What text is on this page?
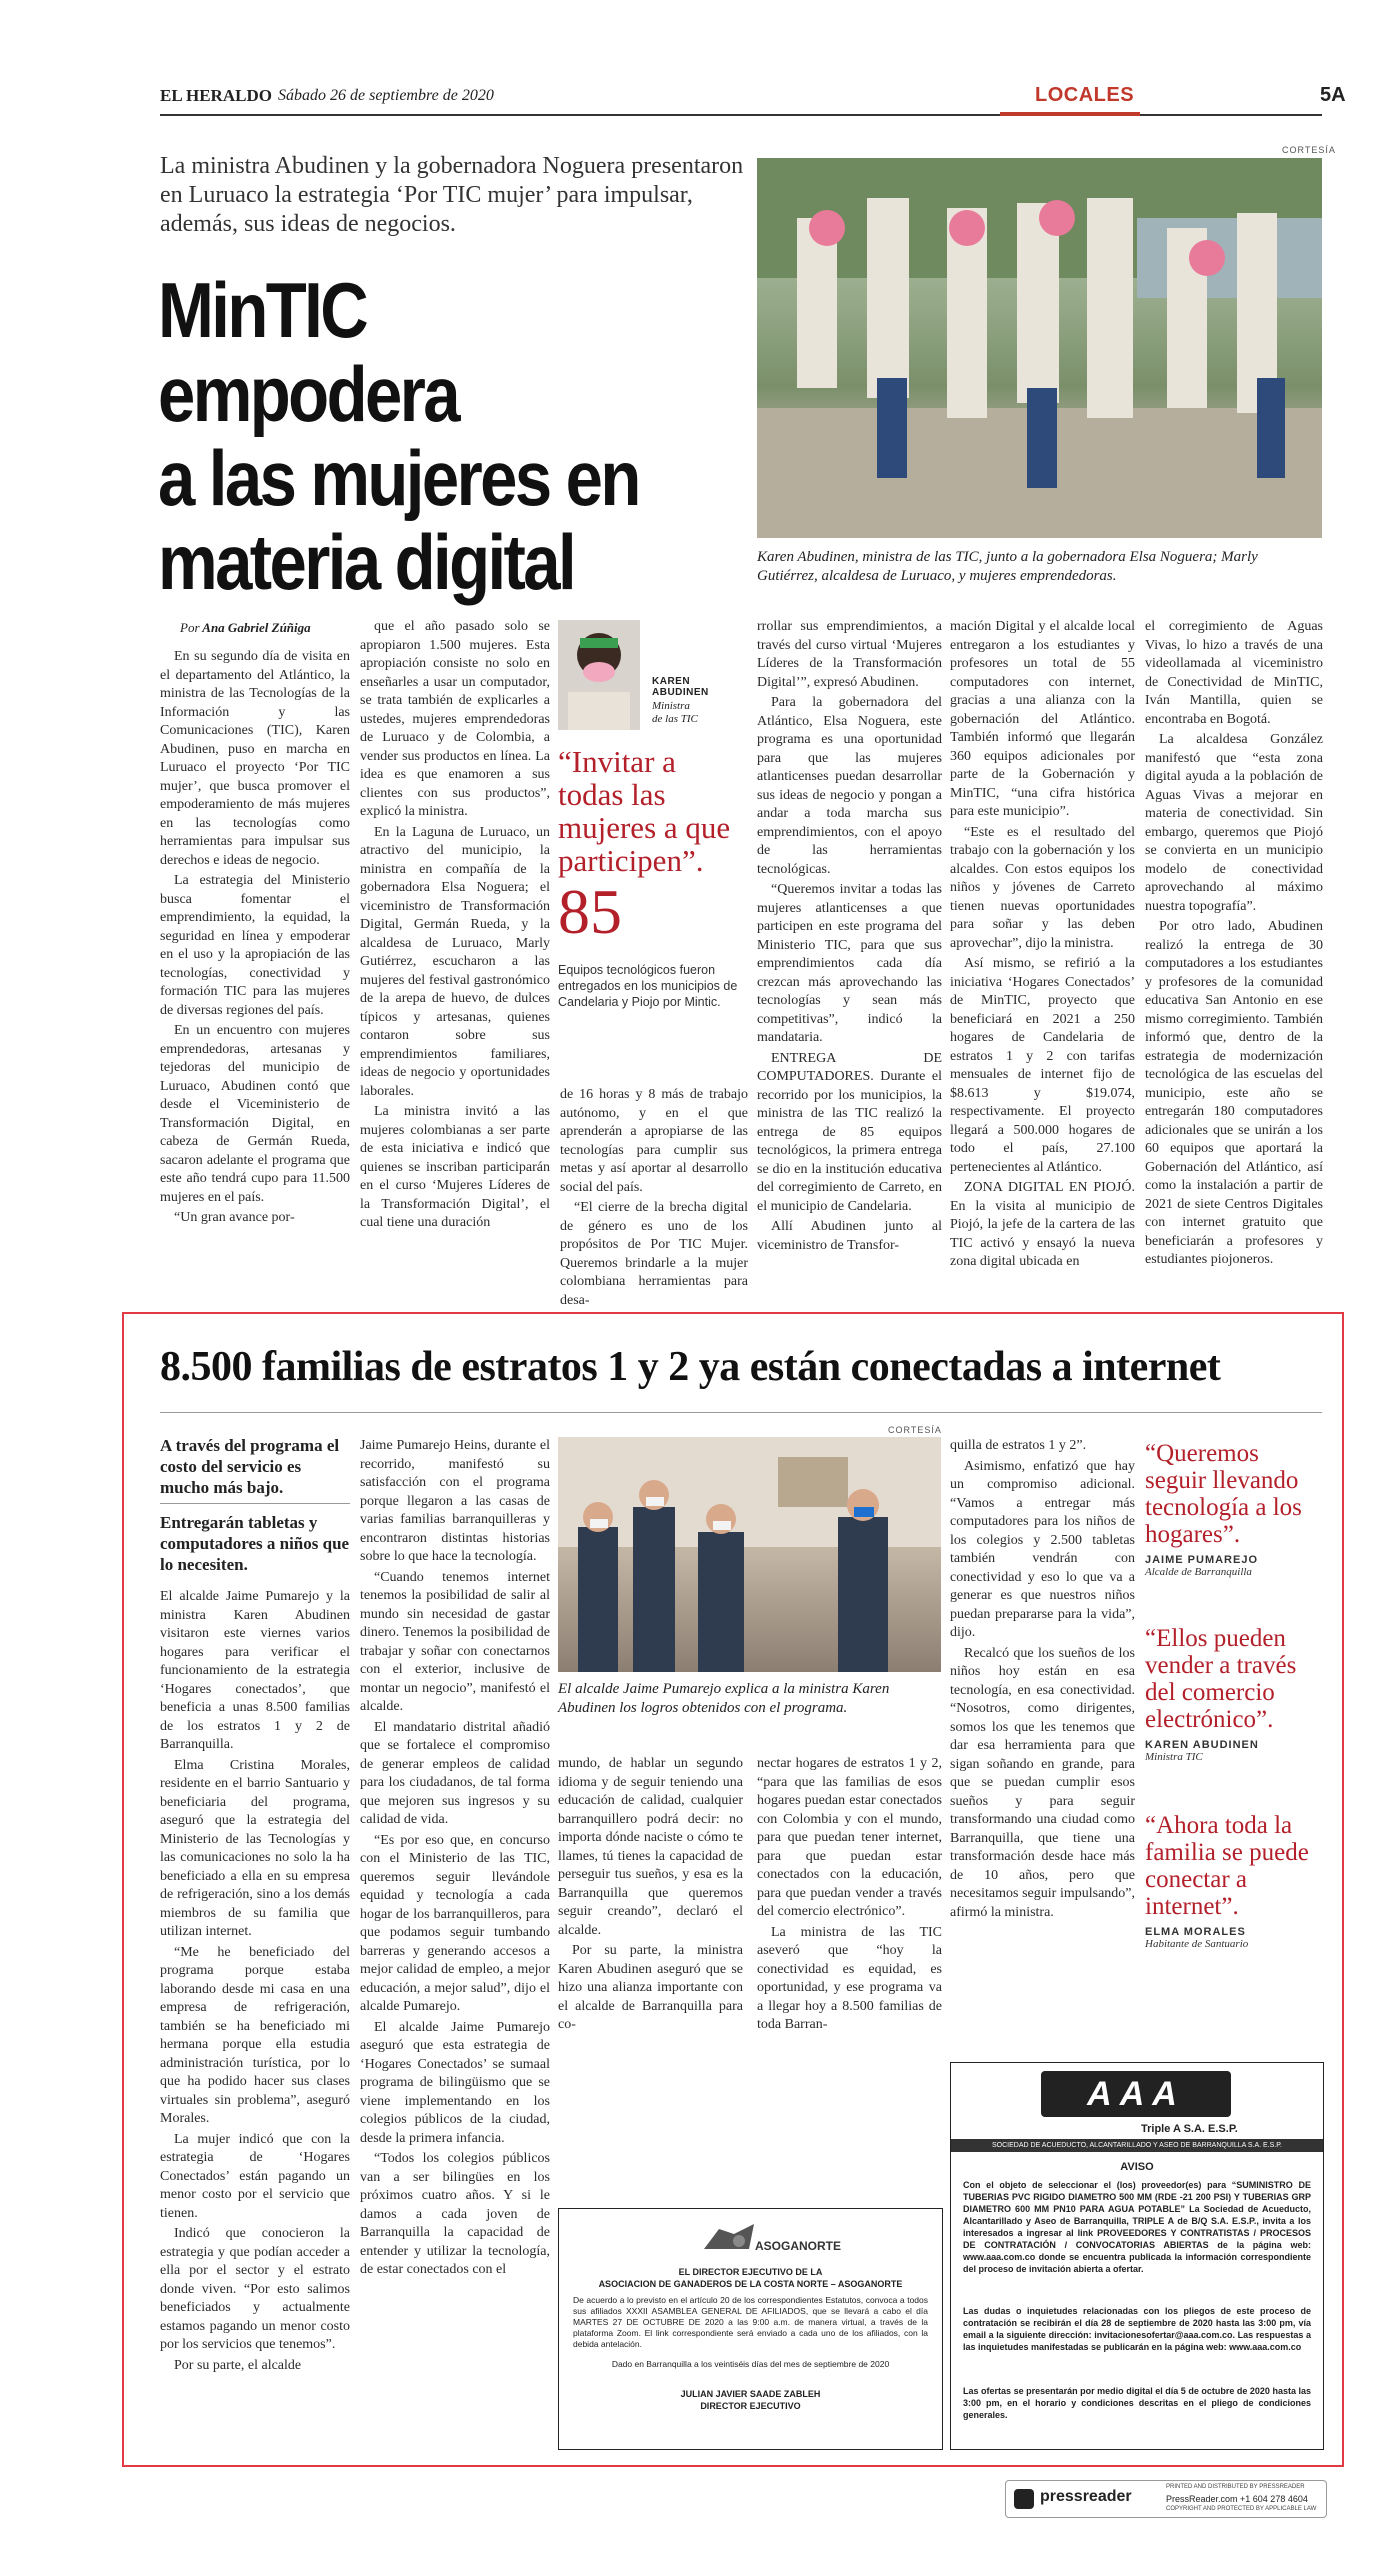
EL HERALDO Sábado 26 de septiembre de 2020	LOCALES	5A
La ministra Abudinen y la gobernadora Noguera presentaron en Luruaco la estrategia ‘Por TIC mujer’ para impulsar, además, sus ideas de negocios.
MinTIC empodera
a las mujeres en
materia digital
CORTESÍA
Karen Abudinen, ministra de las TIC, junto a la gobernadora Elsa Noguera; Marly Gutiérrez, alcaldesa de Luruaco, y mujeres emprendedoras.
Por Ana Gabriel Zúñiga

En su segundo día de visita en el departamento del Atlántico, la ministra de las Tecnologías de la Información y las Comunicaciones (TIC), Karen Abudinen, puso en marcha en Luruaco el proyecto ‘Por TIC mujer’, que busca promover el empoderamiento de más mujeres en las tecnologías como herramientas para impulsar sus derechos e ideas de negocio.

La estrategia del Ministerio busca fomentar el emprendimiento, la equidad, la seguridad en línea y empoderar en el uso y la apropiación de las tecnologías, conectividad y formación TIC para las mujeres de diversas regiones del país.

En un encuentro con mujeres emprendedoras, artesanas y tejedoras del municipio de Luruaco, Abudinen contó que desde el Viceministerio de Transformación Digital, en cabeza de Germán Rueda, sacaron adelante el programa que este año tendrá cupo para 11.500 mujeres en el país.

“Un gran avance por-

que el año pasado solo se apropiaron 1.500 mujeres. Esta apropiación consiste no solo en enseñarles a usar un computador, se trata también de explicarles a ustedes, mujeres emprendedoras de Luruaco y de Colombia, a vender sus productos en línea. La idea es que enamoren a sus clientes con sus productos”, explicó la ministra.

En la Laguna de Luruaco, un atractivo del municipio, la ministra en compañía de la gobernadora Elsa Noguera; el viceministro de Transformación Digital, Germán Rueda, y la alcaldesa de Luruaco, Marly Gutiérrez, escucharon a las mujeres del festival gastronómico de la arepa de huevo, de dulces típicos y artesanas, quienes contaron sobre sus emprendimientos familiares, ideas de negocio y oportunidades laborales.

La ministra invitó a las mujeres colombianas a ser parte de esta iniciativa e indicó que quienes se inscriban participarán en el curso ‘Mujeres Líderes de la Transformación Digital’, el cual tiene una duración

KAREN ABUDINEN
Ministra
de las TIC
“Invitar a todas las mujeres a que participen”.
85
Equipos tecnológicos fueron entregados en los municipios de Candelaria y Piojo por Mintic.

de 16 horas y 8 más de trabajo autónomo, y en el que aprenderán a apropiarse de las tecnologías para cumplir sus metas y así aportar al desarrollo social del país.

“El cierre de la brecha digital de género es uno de los propósitos de Por TIC Mujer. Queremos brindarle a la mujer colombiana herramientas para desa-

rrollar sus emprendimientos, a través del curso virtual ‘Mujeres Líderes de la Transformación Digital’”, expresó Abudinen.

Para la gobernadora del Atlántico, Elsa Noguera, este programa es una oportunidad para que las mujeres atlanticenses puedan desarrollar sus ideas de negocio y pongan a andar a toda marcha sus emprendimientos, con el apoyo de las herramientas tecnológicas.

“Queremos invitar a todas las mujeres atlanticenses a que participen en este programa del Ministerio TIC, para que sus emprendimientos cada día crezcan más aprovechando las tecnologías y sean más competitivas”, indicó la mandataria.

ENTREGA DE COMPUTADORES. Durante el recorrido por los municipios, la ministra de las TIC realizó la entrega de 85 equipos tecnológicos, la primera entrega se dio en la institución educativa del corregimiento de Carreto, en el municipio de Candelaria.

Allí Abudinen junto al viceministro de Transfor-

mación Digital y el alcalde local entregaron a los estudiantes y profesores un total de 55 computadores con internet, gracias a una alianza con la gobernación del Atlántico. También informó que llegarán 360 equipos adicionales por parte de la Gobernación y MinTIC, “una cifra histórica para este municipio”.

“Este es el resultado del trabajo con la gobernación y los alcaldes. Con estos equipos los niños y jóvenes de Carreto tienen nuevas oportunidades para soñar y las deben aprovechar”, dijo la ministra.

Así mismo, se refirió a la iniciativa ‘Hogares Conectados’ de MinTIC, proyecto que beneficiará en 2021 a 250 hogares de Candelaria de estratos 1 y 2 con tarifas mensuales de internet fijo de $8.613 y $19.074, respectivamente. El proyecto llegará a 500.000 hogares de todo el país, 27.100 pertenecientes al Atlántico.

ZONA DIGITAL EN PIOJÓ. En la visita al municipio de Piojó, la jefe de la cartera de las TIC activó y ensayó la nueva zona digital ubicada en

el corregimiento de Aguas Vivas, lo hizo a través de una videollamada al viceministro de Conectividad de MinTIC, Iván Mantilla, quien se encontraba en Bogotá.

La alcaldesa González manifestó que “esta zona digital ayuda a la población de Aguas Vivas a mejorar en materia de conectividad. Sin embargo, queremos que Piojó se convierta en un municipio modelo de conectividad aprovechando al máximo nuestra topografía”.

Por otro lado, Abudinen realizó la entrega de 30 computadores a los estudiantes y profesores de la comunidad educativa San Antonio en ese mismo corregimiento. También informó que, dentro de la estrategia de modernización tecnológica de las escuelas del municipio, este año se entregarán 180 computadores adicionales que se unirán a los 60 equipos que aportará la Gobernación del Atlántico, así como la instalación a partir de 2021 de siete Centros Digitales con internet gratuito que beneficiarán a profesores y estudiantes piojoneros.

8.500 familias de estratos 1 y 2 ya están conectadas a internet
A través del programa el costo del servicio es mucho más bajo.
Entregarán tabletas y computadores a niños que lo necesiten.

El alcalde Jaime Pumarejo y la ministra Karen Abudinen visitaron este viernes varios hogares para verificar el funcionamiento de la estrategia ‘Hogares conectados’, que beneficia a unas 8.500 familias de los estratos 1 y 2 de Barranquilla.

Elma Cristina Morales, residente en el barrio Santuario y beneficiaria del programa, aseguró que la estrategia del Ministerio de las Tecnologías y las comunicaciones no solo la ha beneficiado a ella en su empresa de refrigeración, sino a los demás miembros de su familia que utilizan internet.

“Me he beneficiado del programa porque estaba laborando desde mi casa en una empresa de refrigeración, también se ha beneficiado mi hermana porque ella estudia administración turística, por lo que ha podido hacer sus clases virtuales sin problema”, aseguró Morales.

La mujer indicó que con la estrategia de ‘Hogares Conectados’ están pagando un menor costo por el servicio que tienen.

Indicó que conocieron la estrategia y que podían acceder a ella por el sector y el estrato donde viven. “Por esto salimos beneficiados y actualmente estamos pagando un menor costo por los servicios que tenemos”.

Por su parte, el alcalde

Jaime Pumarejo Heins, durante el recorrido, manifestó su satisfacción con el programa porque llegaron a las casas de varias familias barranquilleras y encontraron distintas historias sobre lo que hace la tecnología.

“Cuando tenemos internet tenemos la posibilidad de salir al mundo sin necesidad de gastar dinero. Tenemos la posibilidad de trabajar y soñar con conectarnos con el exterior, inclusive de montar un negocio”, manifestó el alcalde.

El mandatario distrital añadió que se fortalece el compromiso de generar empleos de calidad para los ciudadanos, de tal forma que mejoren sus ingresos y su calidad de vida.

“Es por eso que, en concurso con el Ministerio de las TIC, queremos seguir llevándole equidad y tecnología a cada hogar de los barranquilleros, para que podamos seguir tumbando barreras y generando accesos a mejor calidad de empleo, a mejor educación, a mejor salud”, dijo el alcalde Pumarejo.

El alcalde Jaime Pumarejo aseguró que esta estrategia de ‘Hogares Conectados’ se sumaal programa de bilingüismo que se viene implementando en los colegios públicos de la ciudad, desde la primera infancia.

“Todos los colegios públicos van a ser bilingües en los próximos cuatro años. Y si le damos a cada joven de Barranquilla la capacidad de entender y utilizar la tecnología, de estar conectados con el

CORTESÍA
El alcalde Jaime Pumarejo explica a la ministra Karen Abudinen los logros obtenidos con el programa.

mundo, de hablar un segundo idioma y de seguir teniendo una educación de calidad, cualquier barranquillero podrá decir: no importa dónde naciste o cómo te llames, tú tienes la capacidad de perseguir tus sueños, y esa es la Barranquilla que queremos seguir creando”, declaró el alcalde.

Por su parte, la ministra Karen Abudinen aseguró que se hizo una alianza importante con el alcalde de Barranquilla para co-

nectar hogares de estratos 1 y 2, “para que las familias de esos hogares puedan estar conectados con Colombia y con el mundo, para que puedan tener internet, para que puedan estar conectados con la educación, para que puedan vender a través del comercio electrónico”.

La ministra de las TIC aseveró que “hoy la conectividad es equidad, es oportunidad, y ese programa va a llegar hoy a 8.500 familias de toda Barran-

quilla de estratos 1 y 2”.

Asimismo, enfatizó que hay un compromiso adicional. “Vamos a entregar más computadores para los niños de los colegios y 2.500 tabletas también vendrán con conectividad y eso lo que va a generar es que nuestros niños puedan prepararse para la vida”, dijo.

Recalcó que los sueños de los niños hoy están en esa tecnología, en esa conectividad. “Nosotros, como dirigentes, somos los que les tenemos que dar esa herramienta para que sigan soñando en grande, para que se puedan cumplir esos sueños y para seguir transformando una ciudad como Barranquilla, que tiene una transformación desde hace más de 10 años, pero que necesitamos seguir impulsando”, afirmó la ministra.

“Queremos seguir llevando tecnología a los hogares”.
JAIME PUMAREJO
Alcalde de Barranquilla
“Ellos pueden vender a través del comercio electrónico”.
KAREN ABUDINEN
Ministra TIC
“Ahora toda la familia se puede conectar a internet”.
ELMA MORALES
Habitante de Santuario
ASOGANORTE
EL DIRECTOR EJECUTIVO DE LA
ASOCIACION DE GANADEROS DE LA COSTA NORTE – ASOGANORTE
De acuerdo a lo previsto en el artículo 20 de los correspondientes Estatutos, convoca a todos sus afiliados XXXII ASAMBLEA GENERAL DE AFILIADOS, que se llevará a cabo el día MARTES 27 DE OCTUBRE DE 2020 a las 9:00 a.m. de manera virtual, a través de la plataforma Zoom. El link correspondiente será enviado a cada uno de los afiliados, con la debida antelación.
Dado en Barranquilla a los veintiséis días del mes de septiembre de 2020
JULIAN JAVIER SAADE ZABLEH
DIRECTOR EJECUTIVO
AAA
Triple A S.A. E.S.P.
SOCIEDAD DE ACUEDUCTO, ALCANTARILLADO Y ASEO DE BARRANQUILLA S.A. E.S.P.
AVISO
Con el objeto de seleccionar el (los) proveedor(es) para “SUMINISTRO DE TUBERIAS PVC RIGIDO DIAMETRO 500 MM (RDE -21 200 PSI) Y TUBERIAS GRP DIAMETRO 600 MM PN10 PARA AGUA POTABLE” La Sociedad de Acueducto, Alcantarillado y Aseo de Barranquilla, TRIPLE A de B/Q S.A. E.S.P., invita a los interesados a ingresar al link PROVEEDORES Y CONTRATISTAS / PROCESOS DE CONTRATACIÓN / CONVOCATORIAS ABIERTAS de la página web: www.aaa.com.co donde se encuentra publicada la información correspondiente del proceso de invitación abierta a ofertar.
Las dudas o inquietudes relacionadas con los pliegos de este proceso de contratación se recibirán el día 28 de septiembre de 2020 hasta las 3:00 pm, vía email a la siguiente dirección: invitacionesofertar@aaa.com.co. Las respuestas a las inquietudes manifestadas se publicarán en la página web: www.aaa.com.co
Las ofertas se presentarán por medio digital el día 5 de octubre de 2020 hasta las 3:00 pm, en el horario y condiciones descritas en el pliego de condiciones generales.
pressreader
PRINTED AND DISTRIBUTED BY PRESSREADER
PressReader.com +1 604 278 4604
COPYRIGHT AND PROTECTED BY APPLICABLE LAW
